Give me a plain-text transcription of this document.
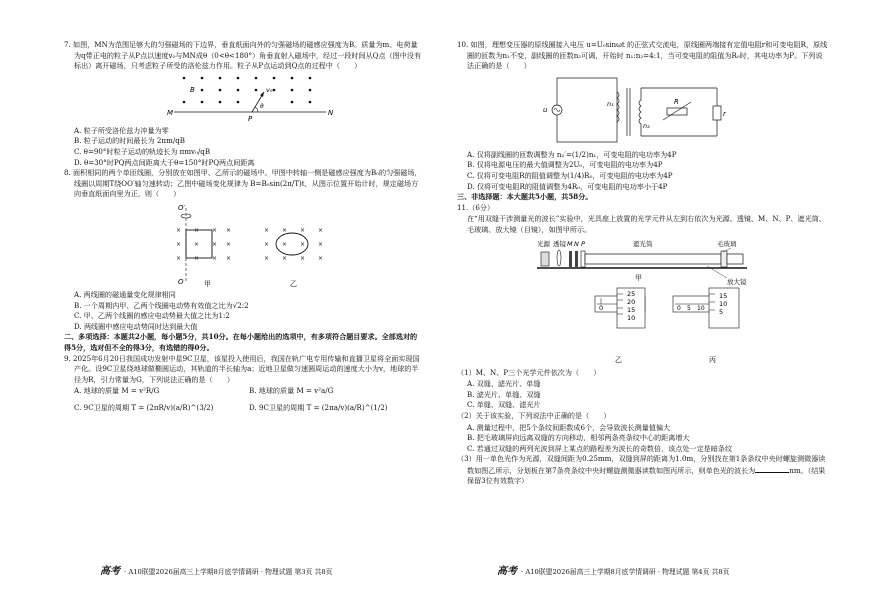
7. 如图，MN为范围足够大的匀强磁场的下边界，垂直纸面向外的匀强磁场的磁感应强度为B。质量为m、电荷量为q带正电的粒子从P点以速度v₀与MN成θ（0<θ<180°）角垂直射入磁场中，经过一段时间从Q点（图中没有标出）离开磁场，只考虑粒子所受的洛伦兹力作用。粒子从P点运动到Q点的过程中（　　）

B	v₀
θ
M
P
N

A. 粒子所受洛伦兹力冲量为零

B. 粒子运动的时间最长为 2πm/qB

C. θ=90°时粒子运动的轨迹长为 πmv₀/qB

D. θ=30°时PQ两点间距离大于θ=150°时PQ两点间距离

8. 面积相同的两个单匝线圈，分别放在如图甲、乙所示的磁场中。甲图中转轴一侧是磁感应强度为B₀的匀强磁场，线圈以周期T绕OO′轴匀速转动；乙图中磁场变化规律为 B=B₀sin(2π/T)t，从图示位置开始计时，规定磁场方向垂直纸面向里为正，则（　　）

× × × ×
× × × ×
× × × ×
× × × ×
× × × ×
× × × ×
O′
O	甲	乙

A. 两线圈的磁通量变化规律相同

B. 一个周期内甲、乙两个线圈电动势有效值之比为√2:2

C. 甲、乙两个线圈的感应电动势最大值之比为1:2

D. 两线圈中感应电动势同时达到最大值

二、多项选择：本题共2小题，每小题5分，共10分。在每小题给出的选项中，有多项符合题目要求。全部选对的得5分，选对但不全的得3分，有选错的得0分。

9. 2025年6月20日我国成功发射中星9C卫星，该星投入使用后，我国在轨广电专用传输和直播卫星将全面实现国产化。设9C卫星绕地球做椭圆运动，其轨道的半长轴为a；近地卫星做匀速圆周运动的速度大小为v，地球的半径为R，引力常量为G，下列说法正确的是（　　）

A. 地球的质量 M = v²R/G	B. 地球的质量 M = v²a/G
C. 9C卫星的周期 T = (2πR/v)(a/R)^(3/2)	D. 9C卫星的周期 T = (2πa/v)(a/R)^(1/2)
高考 · A10联盟2026届高三上学期8月底学情调研 · 物理试题 第3页 共8页

10. 如图，理想变压器的原线圈接入电压 u=U₀sinωt 的正弦式交流电，原线圈两端接有定值电阻r和可变电阻R，原线圈的匝数为n₁不变，副线圈的匝数n₂可调，开始时 n₁:n₂=4:1，当可变电阻的阻值为R₀时，其电功率为P。下列说法正确的是（　　）

u
n₁
n₂
R
r

A. 仅将副线圈的匝数调整为 n₂′=(1/2)n₁，可变电阻的电功率为4P

B. 仅将电源电压的最大值调整为2U₀，可变电阻的电功率为4P

C. 仅将可变电阻R的阻值调整为(1/4)R₀，可变电阻的电功率为4P

D. 仅将可变电阻R的阻值调整为4R₀，可变电阻的电功率小于4P

三、非选择题：本大题共5小题，共58分。

11.（6分）

在“用双缝干涉测量光的波长”实验中，光具座上放置的光学元件从左到右依次为光源、透镜、M、N、P、遮光筒、毛玻璃、放大镜（目镜），如图甲所示。

光源 透镜 M N P	遮光筒	毛玻璃
放大镜
甲
0
25
20
15
10
乙
0 5 10
15
10
5
丙

（1）M、N、P三个光学元件依次为（　　）

A. 双缝、滤光片、单缝

B. 滤光片、单缝、双缝

C. 单缝、双缝、滤光片

（2）关于该实验，下列说法中正确的是（　　）

A. 测量过程中，把5个条纹间距数成6个，会导致波长测量值偏大

B. 把毛玻璃屏向远离双缝的方向移动，相邻两条亮条纹中心的距离增大

C. 若通过双缝的两列光波到屏上某点的路程差为波长的奇数倍，该点处一定是暗条纹

（3）用一单色光作为光源，双缝间距为0.25mm，双缝到屏的距离为1.0m，分别找在第1条条纹中央时螺旋测微器读数如图乙所示，分划板在第7条亮条纹中央时螺旋测微器读数如图丙所示，则单色光的波长为	nm。（结果保留3位有效数字）

高考 · A10联盟2026届高三上学期8月底学情调研 · 物理试题 第4页 共8页
